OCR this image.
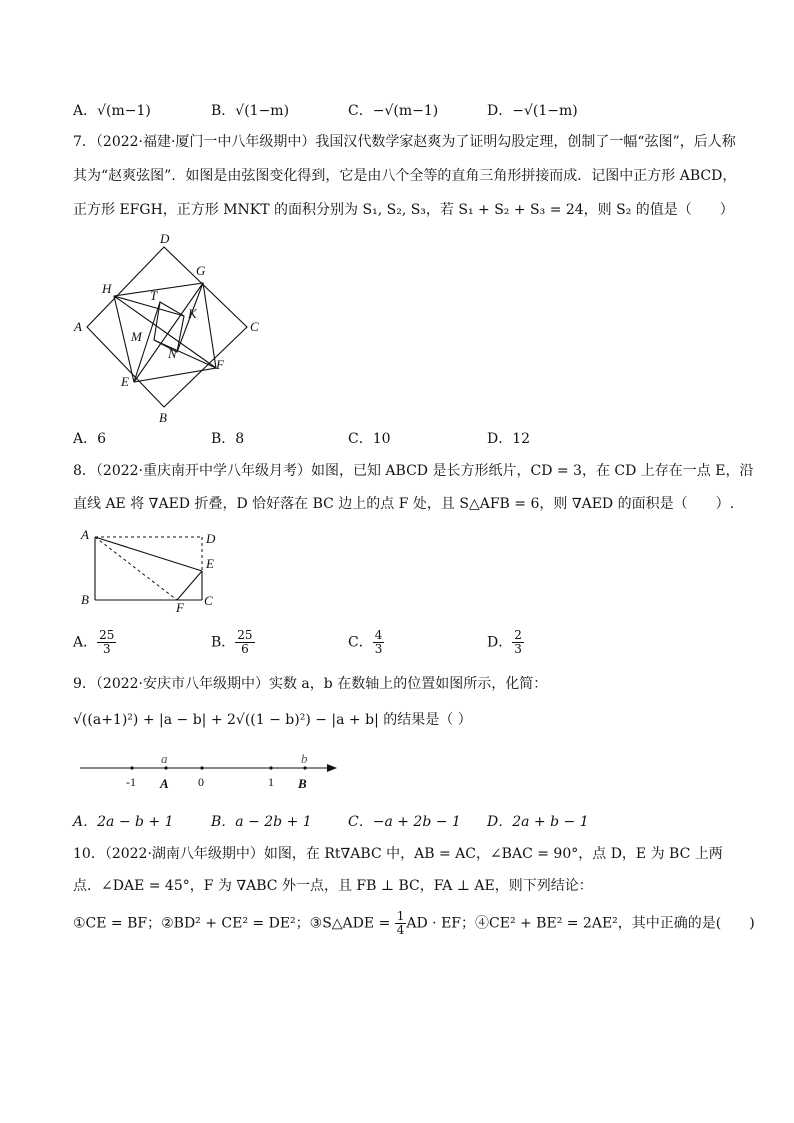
A．√(m−1)	B．√(1−m)	C．−√(m−1)	D．−√(1−m)
7．（2022·福建·厦门一中八年级期中）我国汉代数学家赵爽为了证明勾股定理，创制了一幅“弦图”，后人称
其为“赵爽弦图”．如图是由弦图变化得到，它是由八个全等的直角三角形拼接而成．记图中正方形 ABCD，
正方形 EFGH，正方形 MNKT 的面积分别为 S₁, S₂, S₃，若 S₁ + S₂ + S₃ = 24，则 S₂ 的值是（　　）
D
G
H	T
K
A	C
M
N
F
E
B
A．6	B．8	C．10	D．12
8．（2022·重庆南开中学八年级月考）如图，已知 ABCD 是长方形纸片，CD = 3，在 CD 上存在一点 E，沿
直线 AE 将 ∇AED 折叠，D 恰好落在 BC 边上的点 F 处，且 S△AFB = 6，则 ∇AED 的面积是（　　）.
A	D
E
B
F C
A． $\frac{25}{3}$	B． $\frac{25}{6}$	C． $\frac{4}{3}$	D． $\frac{2}{3}$
9．（2022·安庆市八年级期中）实数 a，b 在数轴上的位置如图所示，化简：
√((a+1)²) + |a − b| + 2√((1 − b)²) − |a + b| 的结果是（ ）
a	b
-1	0	1
A	B
A．2a − b + 1	B．a − 2b + 1	C．−a + 2b − 1 D．2a + b − 1
10．（2022·湖南八年级期中）如图，在 Rt∇ABC 中，AB = AC，∠BAC = 90°，点 D，E 为 BC 上两
点．∠DAE = 45°，F 为 ∇ABC 外一点，且 FB ⊥ BC，FA ⊥ AE，则下列结论：
①CE = BF；②BD² + CE² = DE²；③S△ADE = $\frac{1}{4}$ AD · EF；④CE² + BE² = 2AE²，其中正确的是(　　)
